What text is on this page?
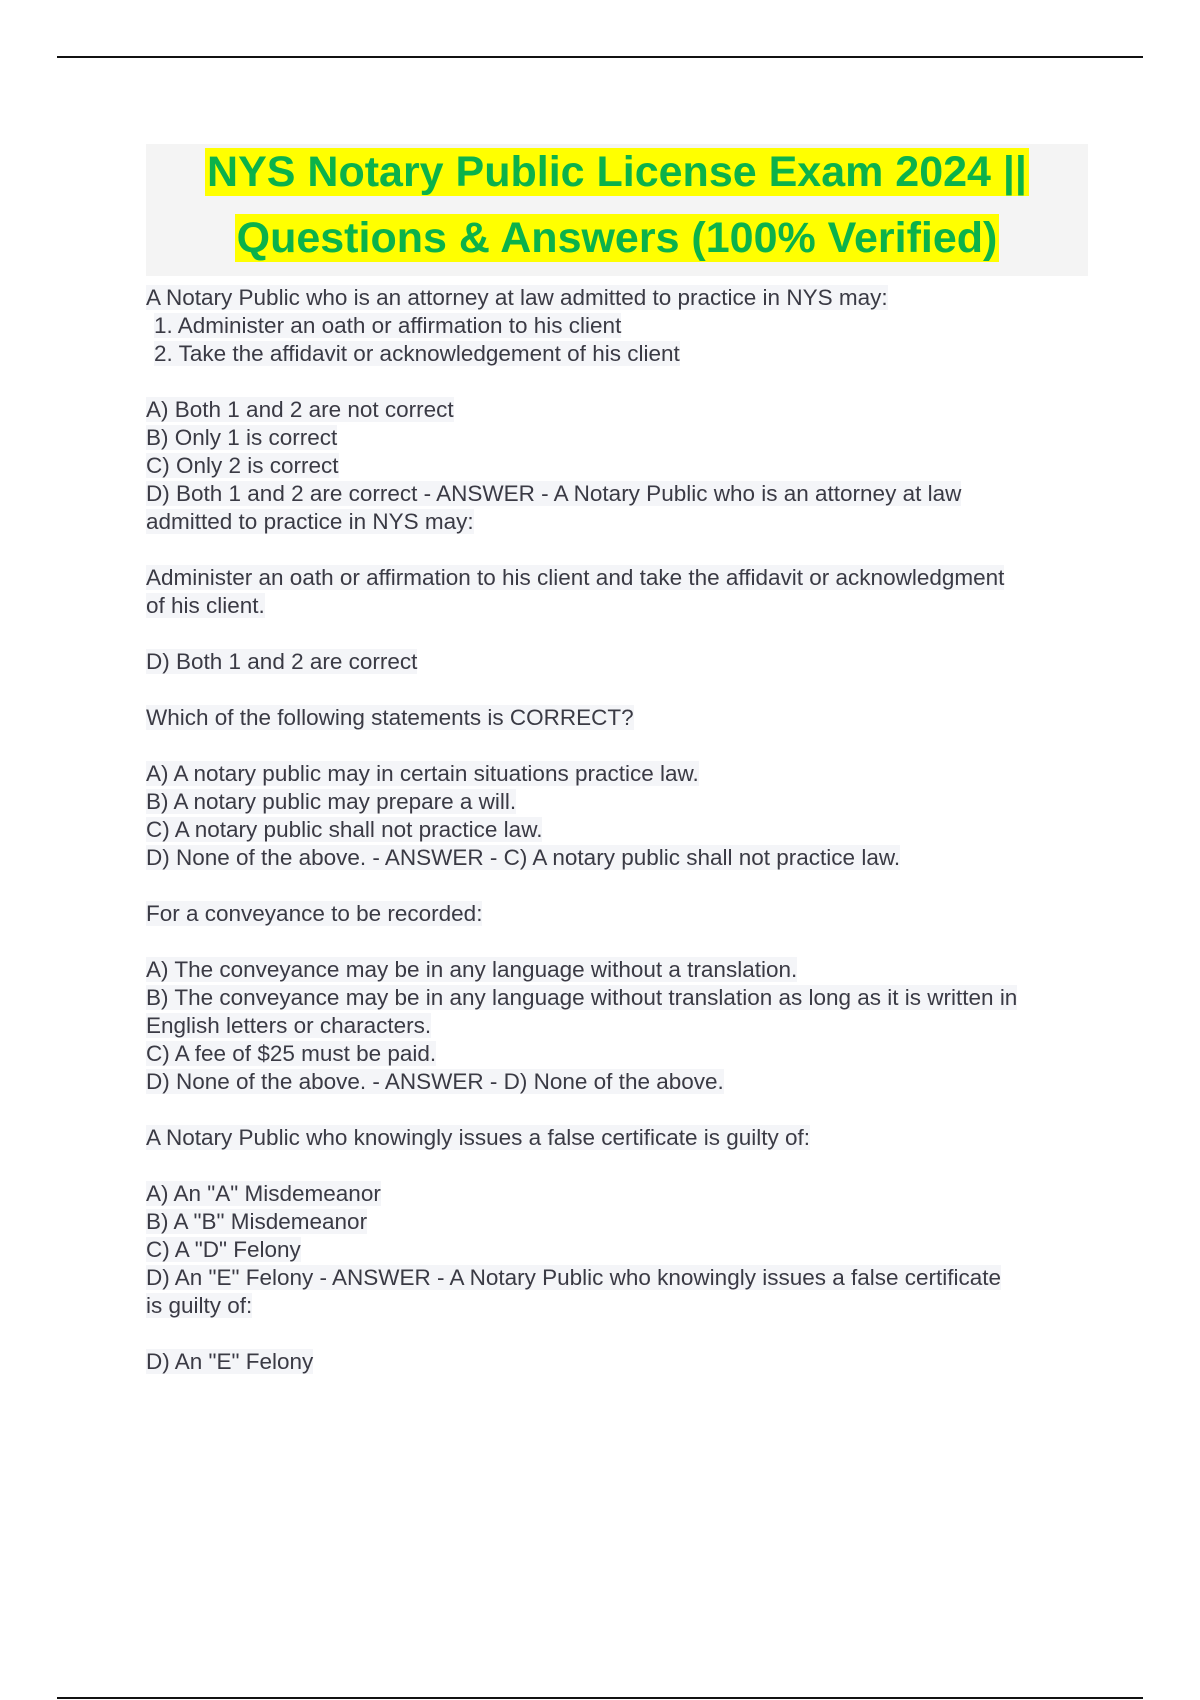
NYS Notary Public License Exam 2024 ||
Questions & Answers (100% Verified)
A Notary Public who is an attorney at law admitted to practice in NYS may:
1. Administer an oath or affirmation to his client
2. Take the affidavit or acknowledgement of his client
A) Both 1 and 2 are not correct
B) Only 1 is correct
C) Only 2 is correct
D) Both 1 and 2 are correct - ANSWER - A Notary Public who is an attorney at law
admitted to practice in NYS may:
Administer an oath or affirmation to his client and take the affidavit or acknowledgment
of his client.
D) Both 1 and 2 are correct
Which of the following statements is CORRECT?
A) A notary public may in certain situations practice law.
B) A notary public may prepare a will.
C) A notary public shall not practice law.
D) None of the above. - ANSWER - C) A notary public shall not practice law.
For a conveyance to be recorded:
A) The conveyance may be in any language without a translation.
B) The conveyance may be in any language without translation as long as it is written in
English letters or characters.
C) A fee of $25 must be paid.
D) None of the above. - ANSWER - D) None of the above.
A Notary Public who knowingly issues a false certificate is guilty of:
A) An "A" Misdemeanor
B) A "B" Misdemeanor
C) A "D" Felony
D) An "E" Felony - ANSWER - A Notary Public who knowingly issues a false certificate
is guilty of:
D) An "E" Felony
